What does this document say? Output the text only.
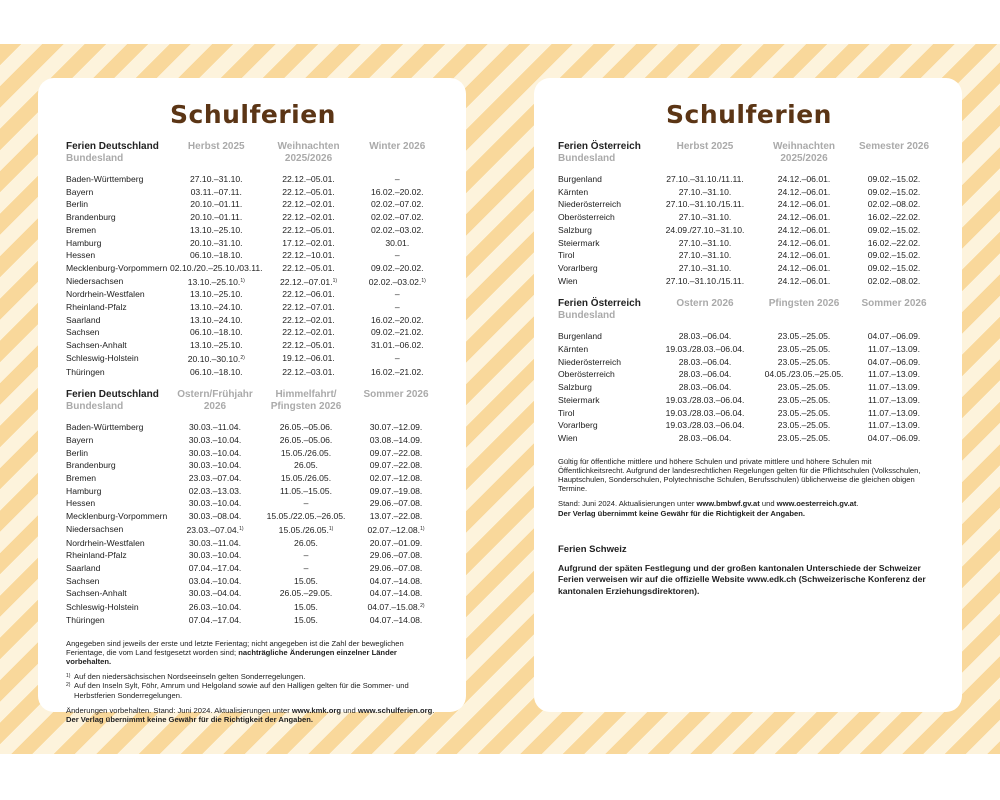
Schulferien
Ferien Deutschland
Bundesland	Herbst 2025	Weihnachten 2025/2026	Winter 2026
Baden-Württemberg	27.10.–31.10.	22.12.–05.01.	–
Bayern	03.11.–07.11.	22.12.–05.01.	16.02.–20.02.
Berlin	20.10.–01.11.	22.12.–02.01.	02.02.–07.02.
Brandenburg	20.10.–01.11.	22.12.–02.01.	02.02.–07.02.
Bremen	13.10.–25.10.	22.12.–05.01.	02.02.–03.02.
Hamburg	20.10.–31.10.	17.12.–02.01.	30.01.
Hessen	06.10.–18.10.	22.12.–10.01.	–
Mecklenburg-Vorpommern	02.10./20.–25.10./03.11.	22.12.–05.01.	09.02.–20.02.
Niedersachsen	13.10.–25.10.$^{1)}$	22.12.–07.01.$^{1)}$	02.02.–03.02.$^{1)}$
Nordrhein-Westfalen	13.10.–25.10.	22.12.–06.01.	–
Rheinland-Pfalz	13.10.–24.10.	22.12.–07.01.	–
Saarland	13.10.–24.10.	22.12.–02.01.	16.02.–20.02.
Sachsen	06.10.–18.10.	22.12.–02.01.	09.02.–21.02.
Sachsen-Anhalt	13.10.–25.10.	22.12.–05.01.	31.01.–06.02.
Schleswig-Holstein	20.10.–30.10.$^{2)}$	19.12.–06.01.	–
Thüringen	06.10.–18.10.	22.12.–03.01.	16.02.–21.02.
Ferien Deutschland
Bundesland	Ostern/Frühjahr 2026	Himmelfahrt/ Pfingsten 2026	Sommer 2026
Baden-Württemberg	30.03.–11.04.	26.05.–05.06.	30.07.–12.09.
Bayern	30.03.–10.04.	26.05.–05.06.	03.08.–14.09.
Berlin	30.03.–10.04.	15.05./26.05.	09.07.–22.08.
Brandenburg	30.03.–10.04.	26.05.	09.07.–22.08.
Bremen	23.03.–07.04.	15.05./26.05.	02.07.–12.08.
Hamburg	02.03.–13.03.	11.05.–15.05.	09.07.–19.08.
Hessen	30.03.–10.04.	–	29.06.–07.08.
Mecklenburg-Vorpommern	30.03.–08.04.	15.05./22.05.–26.05.	13.07.–22.08.
Niedersachsen	23.03.–07.04.$^{1)}$	15.05./26.05.$^{1)}$	02.07.–12.08.$^{1)}$
Nordrhein-Westfalen	30.03.–11.04.	26.05.	20.07.–01.09.
Rheinland-Pfalz	30.03.–10.04.	–	29.06.–07.08.
Saarland	07.04.–17.04.	–	29.06.–07.08.
Sachsen	03.04.–10.04.	15.05.	04.07.–14.08.
Sachsen-Anhalt	30.03.–04.04.	26.05.–29.05.	04.07.–14.08.
Schleswig-Holstein	26.03.–10.04.	15.05.	04.07.–15.08.$^{2)}$
Thüringen	07.04.–17.04.	15.05.	04.07.–14.08.

Angegeben sind jeweils der erste und letzte Ferientag; nicht angegeben ist die Zahl der beweglichen Ferientage, die vom Land festgesetzt worden sind; nachträgliche Änderungen einzelner Länder vorbehalten.

1) Auf den niedersächsischen Nordseeinseln gelten Sonderregelungen.
2) Auf den Inseln Sylt, Föhr, Amrum und Helgoland sowie auf den Halligen gelten für die Sommer- und Herbstferien Sonderregelungen.

Änderungen vorbehalten. Stand: Juni 2024. Aktualisierungen unter www.kmk.org und www.schulferien.org.
Der Verlag übernimmt keine Gewähr für die Richtigkeit der Angaben.

Schulferien
Ferien Österreich
Bundesland	Herbst 2025	Weihnachten 2025/2026	Semester 2026
Burgenland	27.10.–31.10./11.11.	24.12.–06.01.	09.02.–15.02.
Kärnten	27.10.–31.10.	24.12.–06.01.	09.02.–15.02.
Niederösterreich	27.10.–31.10./15.11.	24.12.–06.01.	02.02.–08.02.
Oberösterreich	27.10.–31.10.	24.12.–06.01.	16.02.–22.02.
Salzburg	24.09./27.10.–31.10.	24.12.–06.01.	09.02.–15.02.
Steiermark	27.10.–31.10.	24.12.–06.01.	16.02.–22.02.
Tirol	27.10.–31.10.	24.12.–06.01.	09.02.–15.02.
Vorarlberg	27.10.–31.10.	24.12.–06.01.	09.02.–15.02.
Wien	27.10.–31.10./15.11.	24.12.–06.01.	02.02.–08.02.
Ferien Österreich
Bundesland	Ostern 2026	Pfingsten 2026	Sommer 2026
Burgenland	28.03.–06.04.	23.05.–25.05.	04.07.–06.09.
Kärnten	19.03./28.03.–06.04.	23.05.–25.05.	11.07.–13.09.
Niederösterreich	28.03.–06.04.	23.05.–25.05.	04.07.–06.09.
Oberösterreich	28.03.–06.04.	04.05./23.05.–25.05.	11.07.–13.09.
Salzburg	28.03.–06.04.	23.05.–25.05.	11.07.–13.09.
Steiermark	19.03./28.03.–06.04.	23.05.–25.05.	11.07.–13.09.
Tirol	19.03./28.03.–06.04.	23.05.–25.05.	11.07.–13.09.
Vorarlberg	19.03./28.03.–06.04.	23.05.–25.05.	11.07.–13.09.
Wien	28.03.–06.04.	23.05.–25.05.	04.07.–06.09.

Gültig für öffentliche mittlere und höhere Schulen und private mittlere und höhere Schulen mit Öffentlichkeitsrecht. Aufgrund der landesrechtlichen Regelungen gelten für die Pflichtschulen (Volksschulen, Hauptschulen, Sonderschulen, Polytechnische Schulen, Berufsschulen) üblicherweise die gleichen obigen Termine.

Stand: Juni 2024. Aktualisierungen unter www.bmbwf.gv.at und www.oesterreich.gv.at.
Der Verlag übernimmt keine Gewähr für die Richtigkeit der Angaben.

Ferien Schweiz

Aufgrund der späten Festlegung und der großen kantonalen Unterschiede der Schweizer Ferien verweisen wir auf die offizielle Website www.edk.ch (Schweizerische Konferenz der kantonalen Erziehungsdirektoren).
